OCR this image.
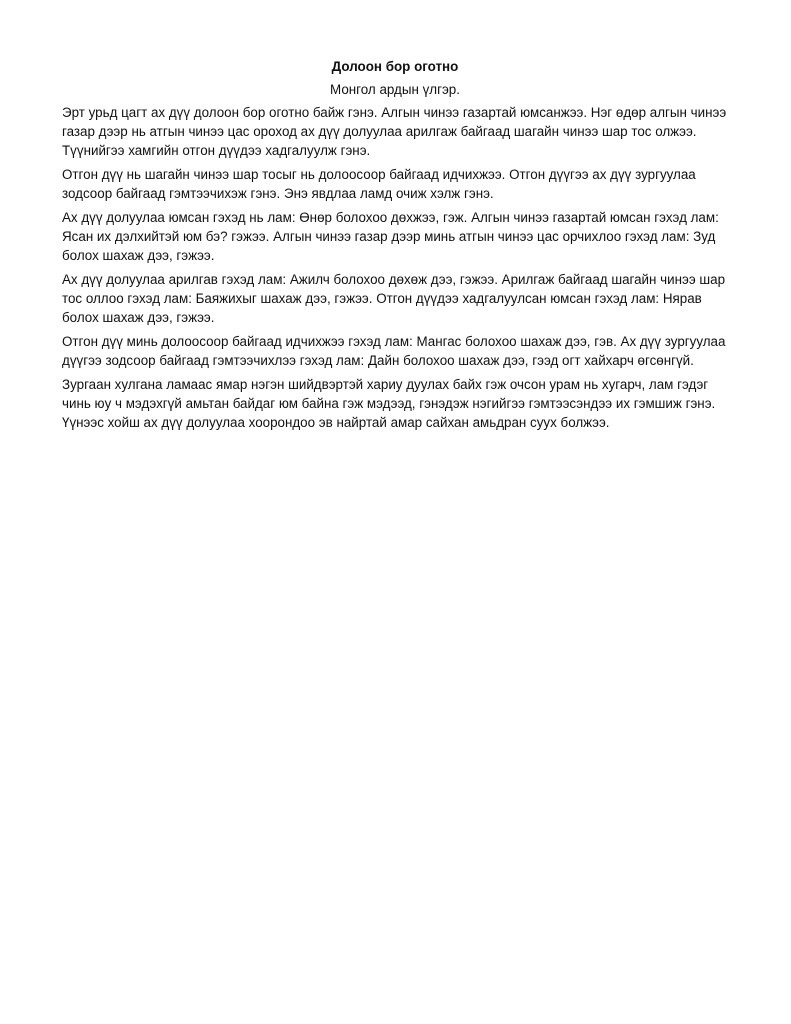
Долоон бор оготно
Монгол ардын үлгэр.

Эрт урьд цагт ах дүү долоон бор оготно байж гэнэ. Алгын чинээ газартай юмсанжээ. Нэг өдөр алгын чинээ газар дээр нь атгын чинээ цас ороход ах дүү долуулаа арилгаж байгаад шагайн чинээ шар тос олжээ. Түүнийгээ хамгийн отгон дүүдээ хадгалуулж гэнэ.

Отгон дүү нь шагайн чинээ шар тосыг нь долоосоор байгаад идчихжээ. Отгон дүүгээ ах дүү зургуулаа зодсоор байгаад гэмтээчихэж гэнэ. Энэ явдлаа ламд очиж хэлж гэнэ.

Ах дүү долуулаа юмсан гэхэд нь лам: Өнөр болохоо дөхжээ, гэж. Алгын чинээ газартай юмсан гэхэд лам: Ясан их дэлхийтэй юм бэ? гэжээ. Алгын чинээ газар дээр минь атгын чинээ цас орчихлоо гэхэд лам: Зуд болох шахаж дээ, гэжээ.

Ах дүү долуулаа арилгав гэхэд лам: Ажилч болохоо дөхөж дээ, гэжээ. Арилгаж байгаад шагайн чинээ шар тос оллоо гэхэд лам: Баяжихыг шахаж дээ, гэжээ. Отгон дүүдээ хадгалуулсан юмсан гэхэд лам: Нярав болох шахаж дээ, гэжээ.

Отгон дүү минь долоосоор байгаад идчихжээ гэхэд лам: Мангас болохоо шахаж дээ, гэв. Ах дүү зургуулаа дүүгээ зодсоор байгаад гэмтээчихлээ гэхэд лам: Дайн болохоо шахаж дээ, гээд огт хайхарч өгсөнгүй.

Зургаан хулгана ламаас ямар нэгэн шийдвэртэй хариу дуулах байх гэж очсон урам нь хугарч, лам гэдэг чинь юу ч мэдэхгүй амьтан байдаг юм байна гэж мэдээд, гэнэдэж нэгийгээ гэмтээсэндээ их гэмшиж гэнэ. Үүнээс хойш ах дүү долуулаа хоорондоо эв найртай амар сайхан амьдран суух болжээ.
